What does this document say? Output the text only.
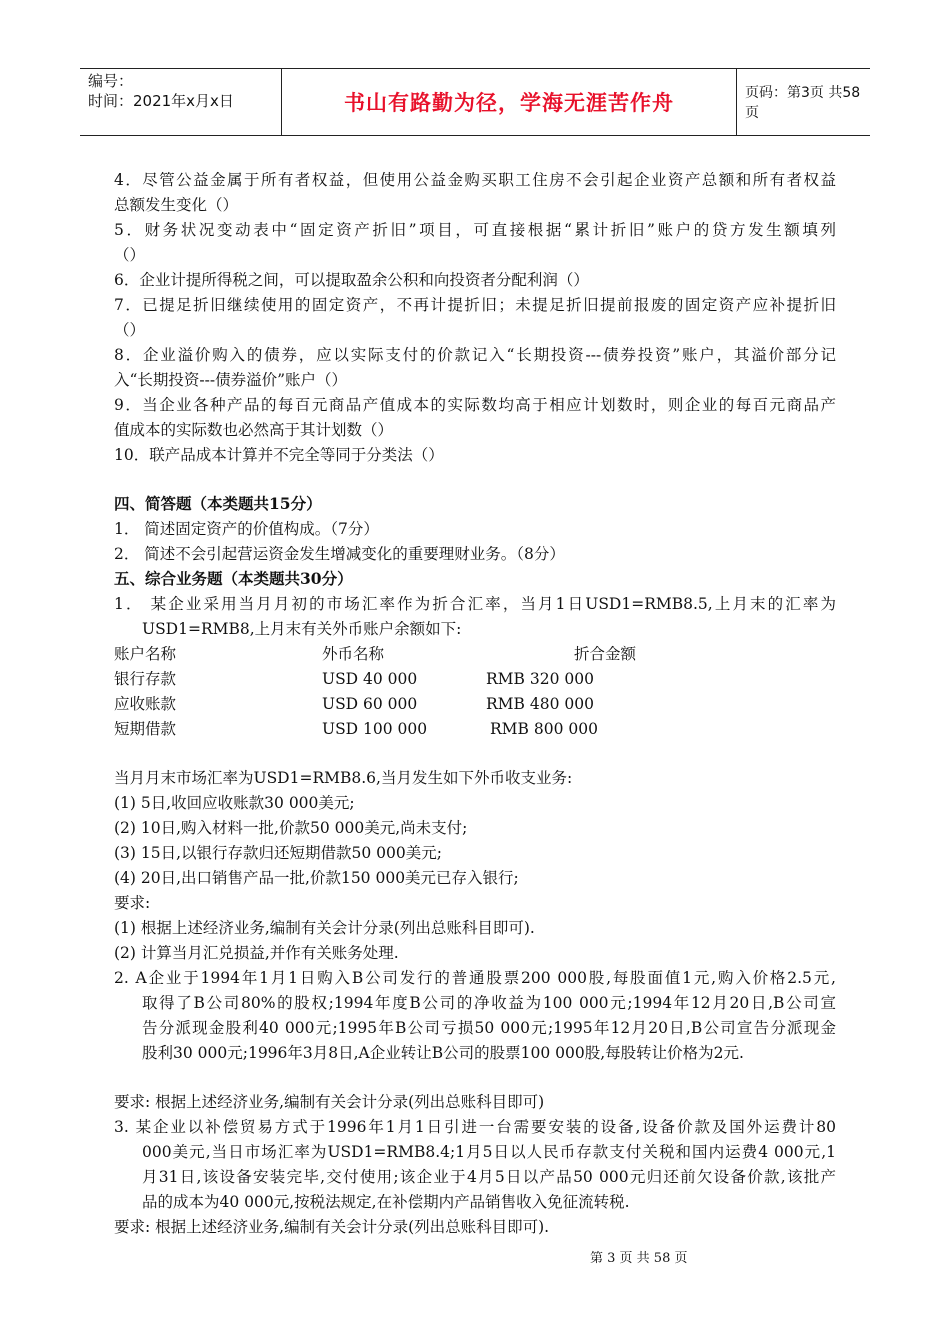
编号：
时间：2021年x月x日	书山有路勤为径，学海无涯苦作舟	页码：第3页 共58页
4．尽管公益金属于所有者权益，但使用公益金购买职工住房不会引起企业资产总额和所有者权益
总额发生变化（）
5．财务状况变动表中“固定资产折旧”项目，可直接根据“累计折旧”账户的贷方发生额填列
（）
6．企业计提所得税之间，可以提取盈余公积和向投资者分配利润（）
7．已提足折旧继续使用的固定资产，不再计提折旧；未提足折旧提前报废的固定资产应补提折旧
（）
8．企业溢价购入的债券，应以实际支付的价款记入“长期投资---债券投资”账户，其溢价部分记
入“长期投资---债券溢价”账户（）
9．当企业各种产品的每百元商品产值成本的实际数均高于相应计划数时，则企业的每百元商品产
值成本的实际数也必然高于其计划数（）
10．联产品成本计算并不完全等同于分类法（）
四、简答题（本类题共15分）
1． 简述固定资产的价值构成。（7分）
2． 简述不会引起营运资金发生增减变化的重要理财业务。（8分）
五、综合业务题（本类题共30分）
1． 某企业采用当月月初的市场汇率作为折合汇率，当月1日USD1=RMB8.5,上月末的汇率为
USD1=RMB8,上月末有关外币账户余额如下:
账户名称	外币名称	折合金额
银行存款	USD 40 000	RMB 320 000
应收账款	USD 60 000	RMB 480 000
短期借款	USD 100 000	RMB 800 000
当月月末市场汇率为USD1=RMB8.6,当月发生如下外币收支业务:
(1) 5日,收回应收账款30 000美元;
(2) 10日,购入材料一批,价款50 000美元,尚未支付;
(3) 15日,以银行存款归还短期借款50 000美元;
(4) 20日,出口销售产品一批,价款150 000美元已存入银行;
要求:
(1) 根据上述经济业务,编制有关会计分录(列出总账科目即可).
(2) 计算当月汇兑损益,并作有关账务处理.
2. A企业于1994年1月1日购入B公司发行的普通股票200 000股,每股面值1元,购入价格2.5元,
取得了B公司80%的股权;1994年度B公司的净收益为100 000元;1994年12月20日,B公司宣
告分派现金股利40 000元;1995年B公司亏损50 000元;1995年12月20日,B公司宣告分派现金
股利30 000元;1996年3月8日,A企业转让B公司的股票100 000股,每股转让价格为2元.
要求: 根据上述经济业务,编制有关会计分录(列出总账科目即可)
3. 某企业以补偿贸易方式于1996年1月1日引进一台需要安装的设备,设备价款及国外运费计80
000美元,当日市场汇率为USD1=RMB8.4;1月5日以人民币存款支付关税和国内运费4 000元,1
月31日,该设备安装完毕,交付使用;该企业于4月5日以产品50 000元归还前欠设备价款,该批产
品的成本为40 000元,按税法规定,在补偿期内产品销售收入免征流转税.
要求: 根据上述经济业务,编制有关会计分录(列出总账科目即可).
第 3 页 共 58 页
